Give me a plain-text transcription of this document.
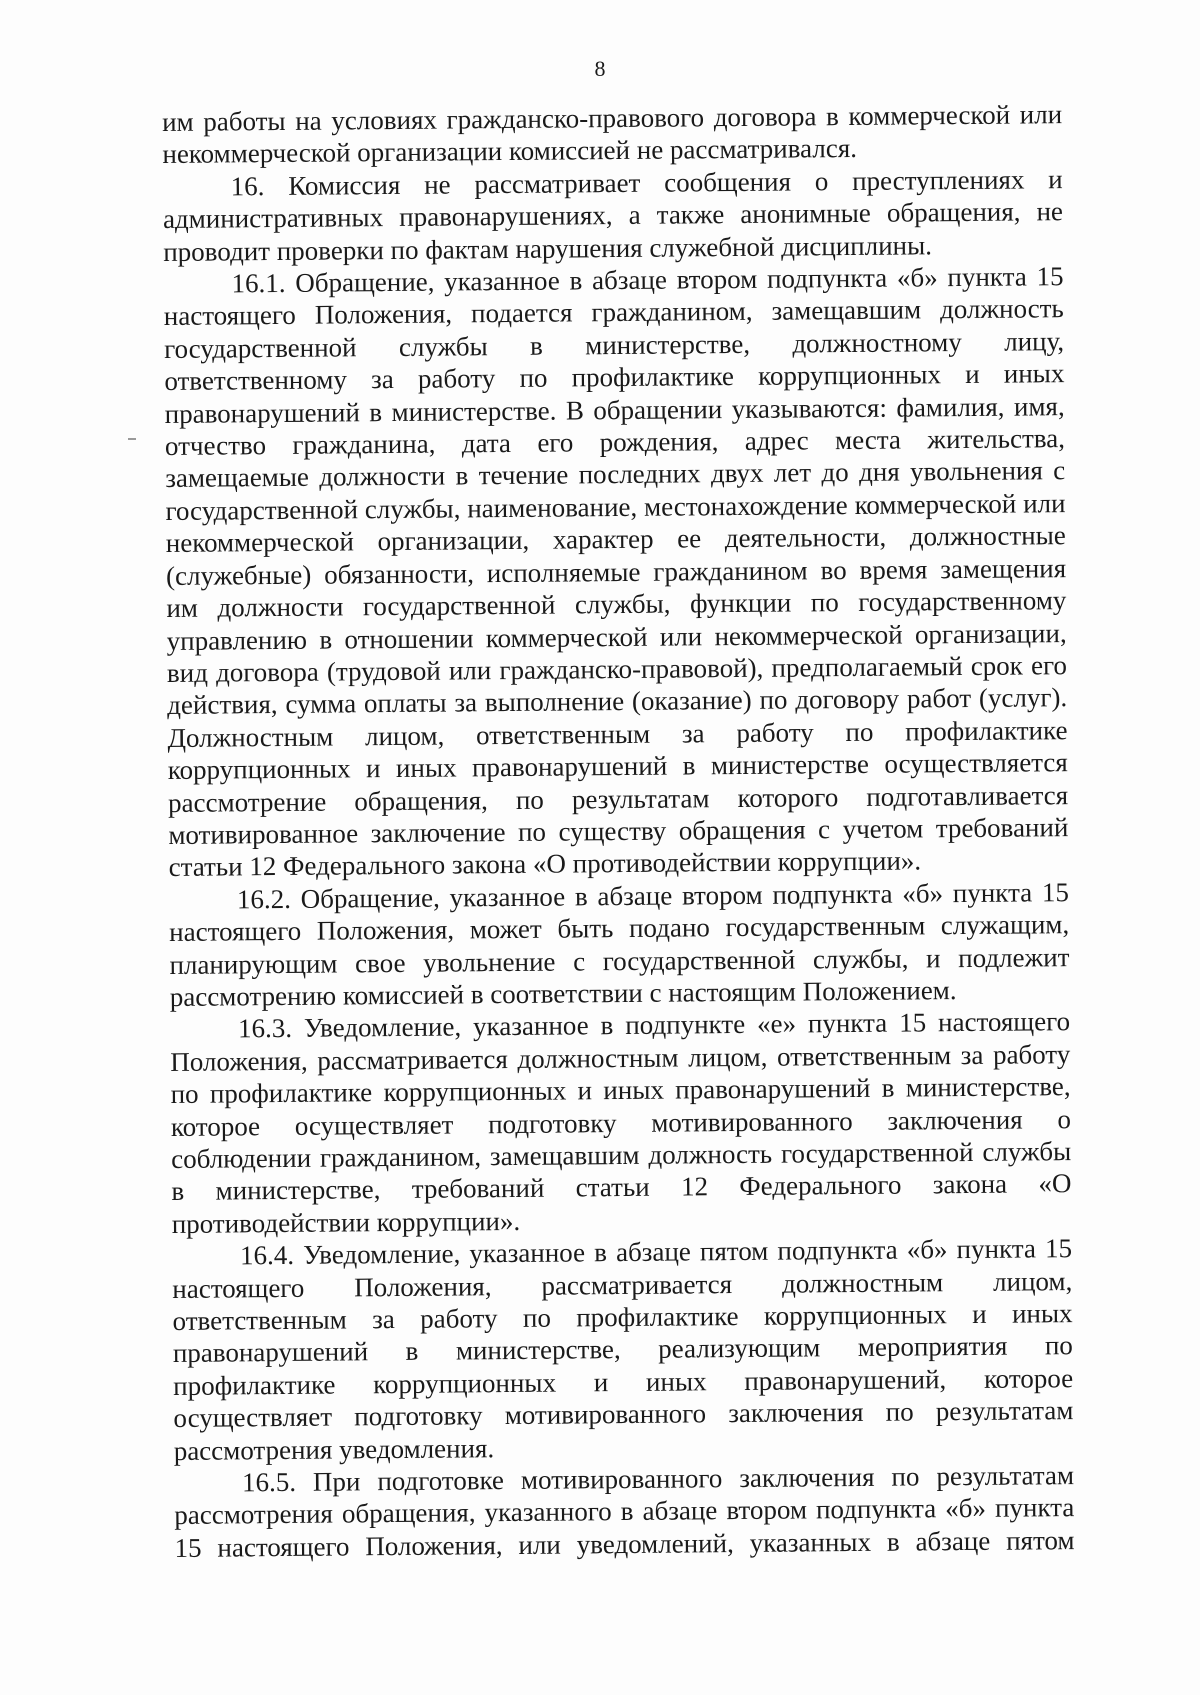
8

им работы на условиях гражданско-правового договора в коммерческой или некоммерческой организации комиссией не рассматривался.

16. Комиссия не рассматривает сообщения о преступлениях и административных правонарушениях, а также анонимные обращения, не проводит проверки по фактам нарушения служебной дисциплины.

16.1. Обращение, указанное в абзаце втором подпункта «б» пункта 15 настоящего Положения, подается гражданином, замещавшим должность государственной службы в министерстве, должностному лицу, ответственному за работу по профилактике коррупционных и иных правонарушений в министерстве. В обращении указываются: фамилия, имя, отчество гражданина, дата его рождения, адрес места жительства, замещаемые должности в течение последних двух лет до дня увольнения с государственной службы, наименование, местонахождение коммерческой или некоммерческой организации, характер ее деятельности, должностные (служебные) обязанности, исполняемые гражданином во время замещения им должности государственной службы, функции по государственному управлению в отношении коммерческой или некоммерческой организации, вид договора (трудовой или гражданско-правовой), предполагаемый срок его действия, сумма оплаты за выполнение (оказание) по договору работ (услуг). Должностным лицом, ответственным за работу по профилактике коррупционных и иных правонарушений в министерстве осуществляется рассмотрение обращения, по результатам которого подготавливается мотивированное заключение по существу обращения с учетом требований статьи 12 Федерального закона «О противодействии коррупции».

16.2. Обращение, указанное в абзаце втором подпункта «б» пункта 15 настоящего Положения, может быть подано государственным служащим, планирующим свое увольнение с государственной службы, и подлежит рассмотрению комиссией в соответствии с настоящим Положением.

16.3. Уведомление, указанное в подпункте «е» пункта 15 настоящего Положения, рассматривается должностным лицом, ответственным за работу по профилактике коррупционных и иных правонарушений в министерстве, которое осуществляет подготовку мотивированного заключения о соблюдении гражданином, замещавшим должность государственной службы в министерстве, требований статьи 12 Федерального закона «О противодействии коррупции».

16.4. Уведомление, указанное в абзаце пятом подпункта «б» пункта 15 настоящего Положения, рассматривается должностным лицом, ответственным за работу по профилактике коррупционных и иных правонарушений в министерстве, реализующим мероприятия по профилактике коррупционных и иных правонарушений, которое осуществляет подготовку мотивированного заключения по результатам рассмотрения уведомления.

16.5. При подготовке мотивированного заключения по результатам рассмотрения обращения, указанного в абзаце втором подпункта «б» пункта 15 настоящего Положения, или уведомлений, указанных в абзаце пятом
